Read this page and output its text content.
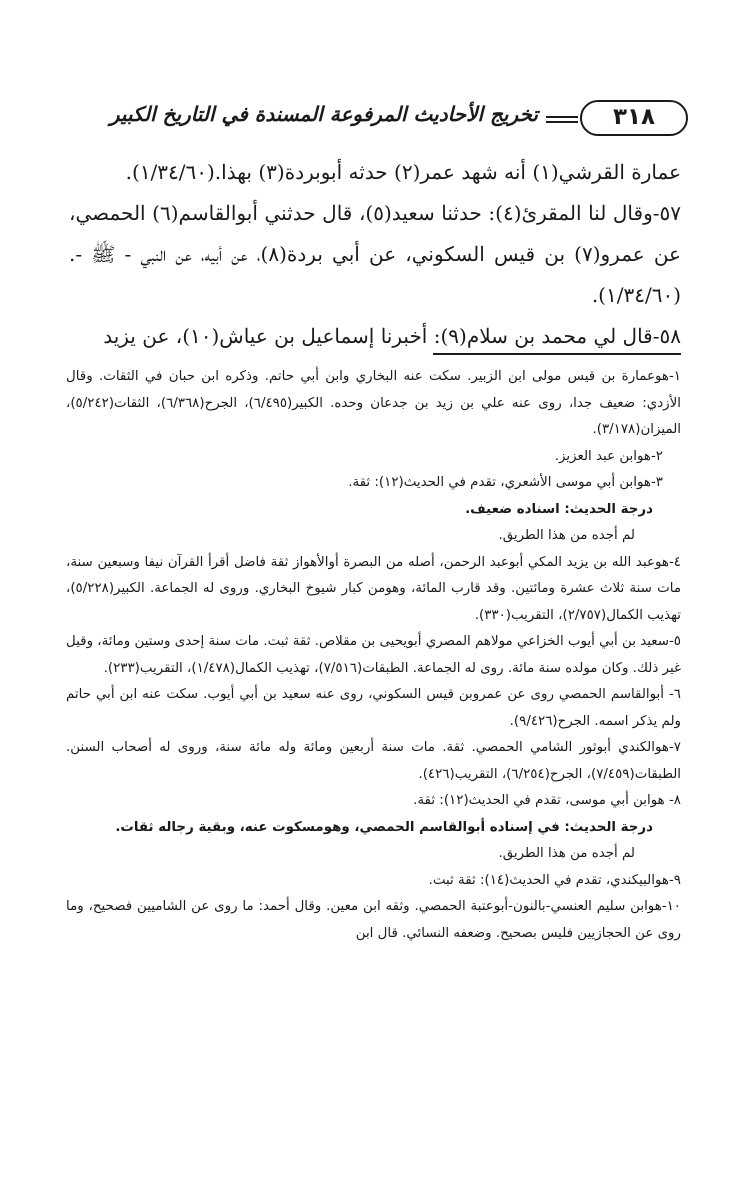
٣١٨
تخريج الأحاديث المرفوعة المسندة في التاريخ الكبير

عمارة القرشي(١) أنه شهد عمر(٢) حدثه أبوبردة(٣) بهذا.(١/٣٤/٦٠).

٥٧-وقال لنا المقرئ(٤): حدثنا سعيد(٥)، قال حدثني أبوالقاسم(٦) الحمصي، عن عمرو(٧) بن قيس السكوني، عن أبي بردة(٨)، عن أبيه، عن النبي - ﷺ -.(١/٣٤/٦٠).

٥٨-قال لي محمد بن سلام(٩): أخبرنا إسماعيل بن عياش(١٠)، عن يزيد

١-هوعمارة بن قيس مولى ابن الزبير. سكت عنه البخاري وابن أبي حاتم. وذكره ابن حبان في الثقات. وقال الأزدي: ضعيف جدا، روى عنه علي بن زيد بن جدعان وحده. الكبير(٦/٤٩٥)، الجرح(٦/٣٦٨)، الثقات(٥/٢٤٢)، الميزان(٣/١٧٨).

٢-هوابن عبد العزيز.

٣-هوابن أبي موسى الأشعري، تقدم في الحديث(١٢): ثقة.

درجة الحديث: اسناده ضعيف.

لم أجده من هذا الطريق.

٤-هوعبد الله بن يزيد المكي أبوعبد الرحمن، أصله من البصرة أوالأهواز ثقة فاضل أقرأ القرآن نيفا وسبعين سنة، مات سنة ثلاث عشرة ومائتين. وقد قارب المائة، وهومن كبار شيوخ البخاري. وروى له الجماعة. الكبير(٥/٢٢٨)، تهذيب الكمال(٢/٧٥٧)، التقريب(٣٣٠).

٥-سعيد بن أبي أيوب الخزاعي مولاهم المصري أبويحيى بن مقلاص. ثقة ثبت. مات سنة إحدى وستين ومائة، وقيل غير ذلك. وكان مولده سنة مائة. روى له الجماعة. الطبقات(٧/٥١٦)، تهذيب الكمال(١/٤٧٨)، التقريب(٢٣٣).

٦- أبوالقاسم الحمصي روى عن عمروبن قيس السكوني، روى عنه سعيد بن أبي أيوب. سكت عنه ابن أبي حاتم ولم يذكر اسمه. الجرح(٩/٤٢٦).

٧-هوالكندي أبوثور الشامي الحمصي. ثقة. مات سنة أربعين ومائة وله مائة سنة، وروى له أصحاب السنن. الطبقات(٧/٤٥٩)، الجرح(٦/٢٥٤)، التقريب(٤٢٦).

٨- هوابن أبي موسى، تقدم في الحديث(١٢): ثقة.

درجة الحديث: في إسناده أبوالقاسم الحمصي، وهومسكوت عنه، وبقية رجاله ثقات.

لم أجده من هذا الطريق.

٩-هوالبيكندي، تقدم في الحديث(١٤): ثقة ثبت.

١٠-هوابن سليم العنسي-بالنون-أبوعتبة الحمصي. وثقه ابن معين. وقال أحمد: ما روى عن الشاميين فصحيح، وما روى عن الحجازيين فليس بصحيح. وضعفه النسائي. قال ابن
